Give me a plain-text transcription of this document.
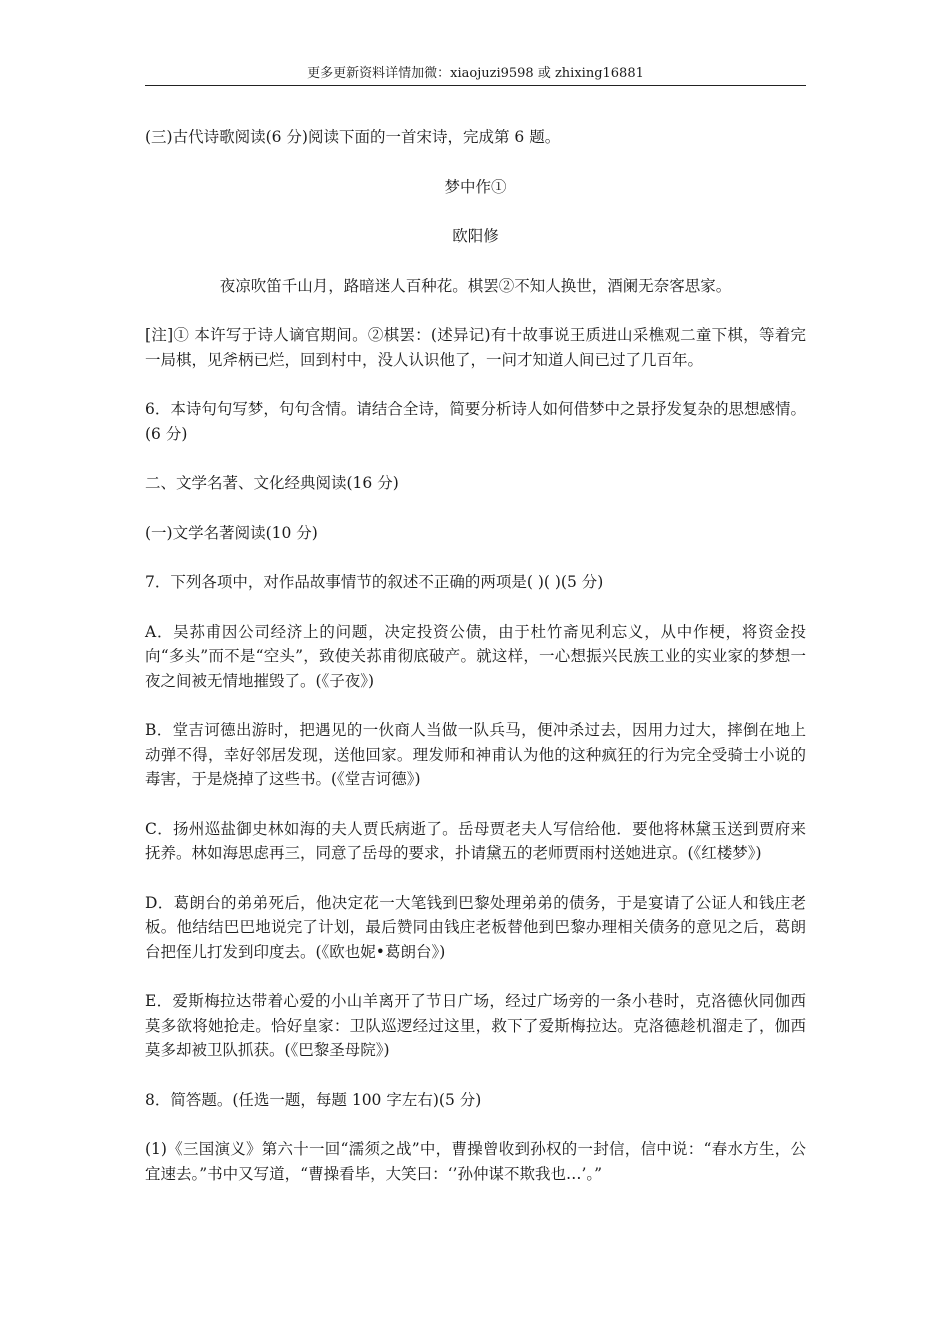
更多更新资料详情加微：xiaojuzi9598 或 zhixing16881

(三)古代诗歌阅读(6 分)阅读下面的一首宋诗，完成第 6 题。

梦中作①

欧阳修

夜凉吹笛千山月，路暗迷人百种花。棋罢②不知人换世，酒阑无奈客思家。

[注]① 本许写于诗人谪官期间。②棋罢：(述异记)有十故事说王质进山采樵观二童下棋，等着完一局棋，见斧柄已烂，回到村中，没人认识他了，一问才知道人间已过了几百年。

6．本诗句句写梦，句句含情。请结合全诗，简要分析诗人如何借梦中之景抒发复杂的思想感情。(6 分)

二、文学名著、文化经典阅读(16 分)

(一)文学名著阅读(10 分)

7．下列各项中，对作品故事情节的叙述不正确的两项是( )( )(5 分)

A．吴荪甫因公司经济上的问题，决定投资公债，由于杜竹斋见利忘义，从中作梗，将资金投向“多头”而不是“空头”，致使关荪甫彻底破产。就这样，一心想振兴民族工业的实业家的梦想一夜之间被无情地摧毁了。(《子夜》)

B．堂吉诃德出游时，把遇见的一伙商人当做一队兵马，便冲杀过去，因用力过大，摔倒在地上动弹不得，幸好邻居发现，送他回家。理发师和神甫认为他的这种疯狂的行为完全受骑士小说的毒害，于是烧掉了这些书。(《堂吉诃德》)

C．扬州巡盐御史林如海的夫人贾氏病逝了。岳母贾老夫人写信给他．要他将林黛玉送到贾府来抚养。林如海思虑再三，同意了岳母的要求，扑请黛五的老师贾雨村送她进京。(《红楼梦》)

D．葛朗台的弟弟死后，他决定花一大笔钱到巴黎处理弟弟的债务，于是宴请了公证人和钱庄老板。他结结巴巴地说完了计划，最后赞同由钱庄老板替他到巴黎办理相关债务的意见之后，葛朗台把侄儿打发到印度去。(《欧也妮•葛朗台》)

E．爱斯梅拉达带着心爱的小山羊离开了节日广场，经过广场旁的一条小巷时，克洛德伙同伽西莫多欲将她抢走。恰好皇家：卫队巡逻经过这里，救下了爱斯梅拉达。克洛德趁机溜走了，伽西莫多却被卫队抓获。(《巴黎圣母院》)

8．简答题。(任选一题，每题 100 字左右)(5 分)

(1)《三国演义》第六十一回“濡须之战”中，曹操曾收到孙权的一封信，信中说：“春水方生，公宜速去。”书中又写道，“曹操看毕，大笑曰：‘’孙仲谋不欺我也…’。”
